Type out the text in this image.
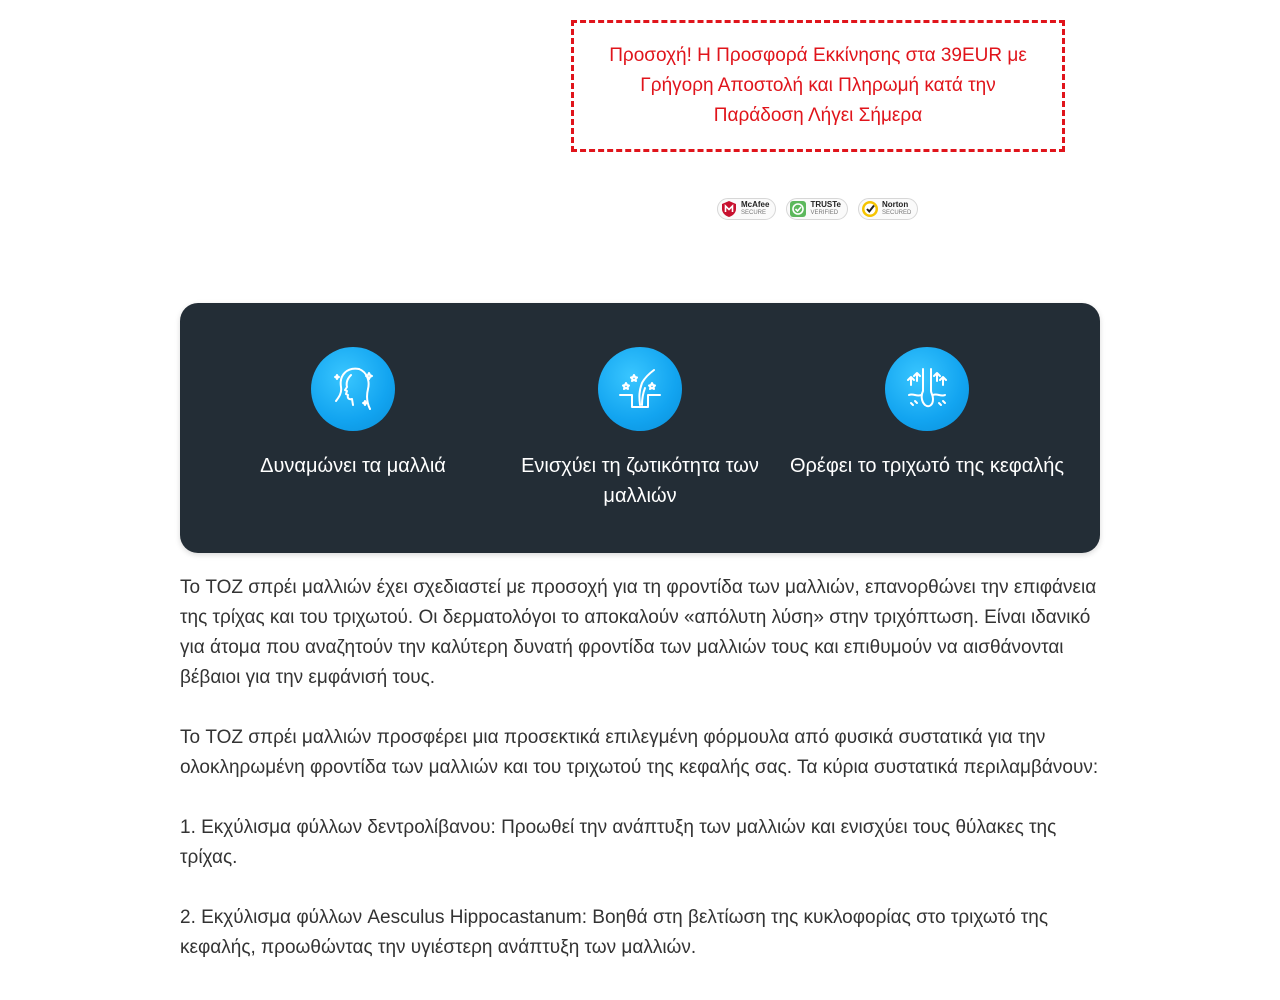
Προσοχή! Η Προσφορά Εκκίνησης στα 39EUR με Γρήγορη Αποστολή και Πληρωμή κατά την Παράδοση Λήγει Σήμερα
McAfee
SECURE
TRUSTe
VERIFIED
Norton
SECURED
Δυναμώνει τα μαλλιά	Ενισχύει τη ζωτικότητα των μαλλιών
Θρέφει το τριχωτό της κεφαλής

Το TOZ σπρέι μαλλιών έχει σχεδιαστεί με προσοχή για τη φροντίδα των μαλλιών, επανορθώνει την επιφάνεια της τρίχας και του τριχωτού. Οι δερματολόγοι το αποκαλούν «απόλυτη λύση» στην τριχόπτωση. Είναι ιδανικό για άτομα που αναζητούν την καλύτερη δυνατή φροντίδα των μαλλιών τους και επιθυμούν να αισθάνονται βέβαιοι για την εμφάνισή τους.

Το TOZ σπρέι μαλλιών προσφέρει μια προσεκτικά επιλεγμένη φόρμουλα από φυσικά συστατικά για την ολοκληρωμένη φροντίδα των μαλλιών και του τριχωτού της κεφαλής σας. Τα κύρια συστατικά περιλαμβάνουν:

1. Εκχύλισμα φύλλων δεντρολίβανου: Προωθεί την ανάπτυξη των μαλλιών και ενισχύει τους θύλακες της τρίχας.

2. Εκχύλισμα φύλλων Aesculus Hippocastanum: Βοηθά στη βελτίωση της κυκλοφορίας στο τριχωτό της κεφαλής, προωθώντας την υγιέστερη ανάπτυξη των μαλλιών.
